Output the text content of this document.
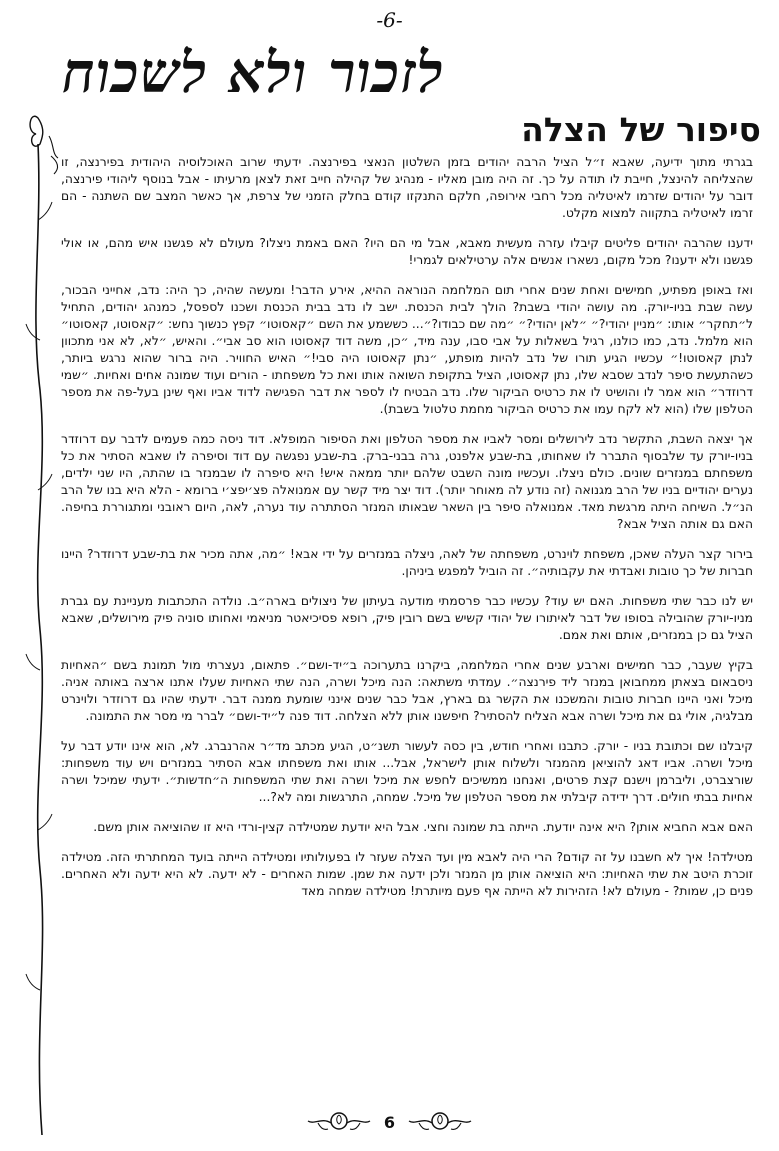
-6-
לזכור ולא לשכוח
סיפור של הצלה

בגרתי מתוך ידיעה, שאבא ז״ל הציל הרבה יהודים בזמן השלטון הנאצי בפירנצה. ידעתי שרוב האוכלוסיה היהודית בפירנצה, זו שהצליחה להינצל, חייבת לו תודה על כך. זה היה מובן מאליו - מנהיג של קהילה חייב זאת לצאן מרעיתו - אבל בנוסף ליהודי פירנצה, דובר על יהודים שזרמו לאיטליה מכל רחבי אירופה, חלקם התנקזו קודם בחלק הזמני של צרפת, אך כאשר המצב שם השתנה - הם זרמו לאיטליה בתקווה למצוא מקלט.

ידענו שהרבה יהודים פליטים קיבלו עזרה מעשית מאבא, אבל מי הם היו? האם באמת ניצלו? מעולם לא פגשנו איש מהם, או אולי פגשנו ולא ידענו? מכל מקום, נשארו אנשים אלה ערטילאים לגמרי!

ואז באופן מפתיע, חמישים ואחת שנים אחרי תום המלחמה הנוראה ההיא, אירע הדבר! ומעשה שהיה, כך היה: נדב, אחייני הבכור, עשה שבת בניו-יורק. מה עושה יהודי בשבת? הולך לבית הכנסת. ישב לו נדב בבית הכנסת ושכנו לספסל, כמנהג יהודים, התחיל ל״תחקר״ אותו: ״מניין יהודי?״ ״לאן יהודי?״ ״מה שם כבודו?״... כששמע את השם ״קאסוטו״ קפץ כנשוך נחש: ״קאסוטו, קאסוטו״ הוא מלמל. נדב, כמו כולנו, רגיל בשאלות על אבי סבו, ענה מיד, ״כן, משה דוד קאסוטו הוא סב אבי״. והאיש, ״לא, לא אני מתכוון לנתן קאסוטו!״ עכשיו הגיע תורו של נדב להיות מופתע, ״נתן קאסוטו היה סבי!״ האיש החוויר. היה ברור שהוא נרגש ביותר, כשהתעשת סיפר לנדב שסבא שלו, נתן קאסוטו, הציל בתקופת השואה אותו ואת כל משפחתו - הורים ועוד שמונה אחים ואחיות. ״שמי דרוזדר״ הוא אמר לו והושיט לו את כרטיס הביקור שלו. נדב הבטיח לו לספר את דבר הפגישה לדוד אביו ואף שינן בעל-פה את מספר הטלפון שלו (הוא לא לקח עמו את כרטיס הביקור מחמת טלטול בשבת).

אך יצאה השבת, התקשר נדב לירושלים ומסר לאביו את מספר הטלפון ואת הסיפור המופלא. דוד ניסה כמה פעמים לדבר עם דרוזדר בניו-יורק עד שלבסוף התברר לו שאחותו, בת-שבע אלפנט, גרה בבני-ברק. בת-שבע נפגשה עם דוד וסיפרה לו שאבא הסתיר את כל משפחתם במנזרים שונים. כולם ניצלו. ועכשיו מונה השבט שלהם יותר ממאה איש! היא סיפרה לו שבמנזר בו שהתה, היו שני ילדים, נערים יהודיים בניו של הרב מגנואה (זה נודע לה מאוחר יותר). דוד יצר מיד קשר עם אמנואלה פצ׳יפצ׳י ברומא - הלא היא בנו של הרב הנ״ל. השיחה היתה מרגשת מאד. אמנואלה סיפר בין השאר שבאותו המנזר הסתתרה עוד נערה, לאה, היום ראובני ומתגוררת בחיפה. האם גם אותה הציל אבא?

בירור קצר העלה שאכן, משפחת לוינרט, משפחתה של לאה, ניצלה במנזרים על ידי אבא! ״מה, אתה מכיר את בת-שבע דרוזדר? היינו חברות של כך טובות ואבדתי את עקבותיה״. זה הוביל למפגש ביניהן.

יש לנו כבר שתי משפחות. האם יש עוד? עכשיו כבר פרסמתי מודעה בעיתון של ניצולים בארה״ב. נולדה התכתבות מעניינת עם גברת מניו-יורק שהובילה בסופו של דבר לאיתורו של יהודי קשיש בשם רובין פיק, רופא פסיכיאטר מניאמי ואחותו סוניה פיק מירושלים, שאבא הציל גם כן במנזרים, אותם ואת אמם.

בקיץ שעבר, כבר חמישים וארבע שנים אחרי המלחמה, ביקרנו בתערוכה ב״יד-ושם״. פתאום, נעצרתי מול תמונת בשם ״האחיות ניסבאום בצאתן ממחבואן במנזר ליד פירנצה״. עמדתי משתאה: הנה מיכל ושרה, הנה שתי האחיות שעלו אתנו ארצה באותה אניה. מיכל ואני היינו חברות טובות והמשכנו את הקשר גם בארץ, אבל כבר שנים אינני שומעת ממנה דבר. ידעתי שהיו גם דרוזדר ולוינרט מבלגיה, אולי גם את מיכל ושרה אבא הצליח להסתיר? חיפשנו אותן ללא הצלחה. דוד פנה ל״יד-ושם״ לברר מי מסר את התמונה.

קיבלנו שם וכתובת בניו - יורק. כתבנו ואחרי חודש, בין כסה לעשור תשנ״ט, הגיע מכתב מד״ר אהרנברג. לא, הוא אינו יודע דבר על מיכל ושרה. אביו דאג להוציאן מהמנזר ולשלוח אותן לישראל, אבל... אותו ואת משפחתו אבא הסתיר במנזרים ויש עוד משפחות: שורצברט, וליברמן וישנם קצת פרטים, ואנחנו ממשיכים לחפש את מיכל ושרה ואת שתי המשפחות ה״חדשות״. ידעתי שמיכל ושרה אחיות בבתי חולים. דרך ידידה קיבלתי את מספר הטלפון של מיכל. שמחה, התרגשות ומה לא?...

האם אבא החביא אותן? היא אינה יודעת. הייתה בת שמונה וחצי. אבל היא יודעת שמטילדה קצין-ורדי היא זו שהוציאה אותן משם.

מטילדה! איך לא חשבנו על זה קודם? הרי היה לאבא מין ועד הצלה שעזר לו בפעולותיו ומטילדה הייתה בועד המחתרתי הזה. מטילדה זוכרת היטב את שתי האחיות: היא הוציאה אותן מן המנזר ולכן ידעה את שמן. שמות האחרים - לא ידעה. לא היא ידעה ולא האחרים. פנים כן, שמות? - מעולם לא! הזהירות לא הייתה אף פעם מיותרת! מטילדה שמחה מאד

6
